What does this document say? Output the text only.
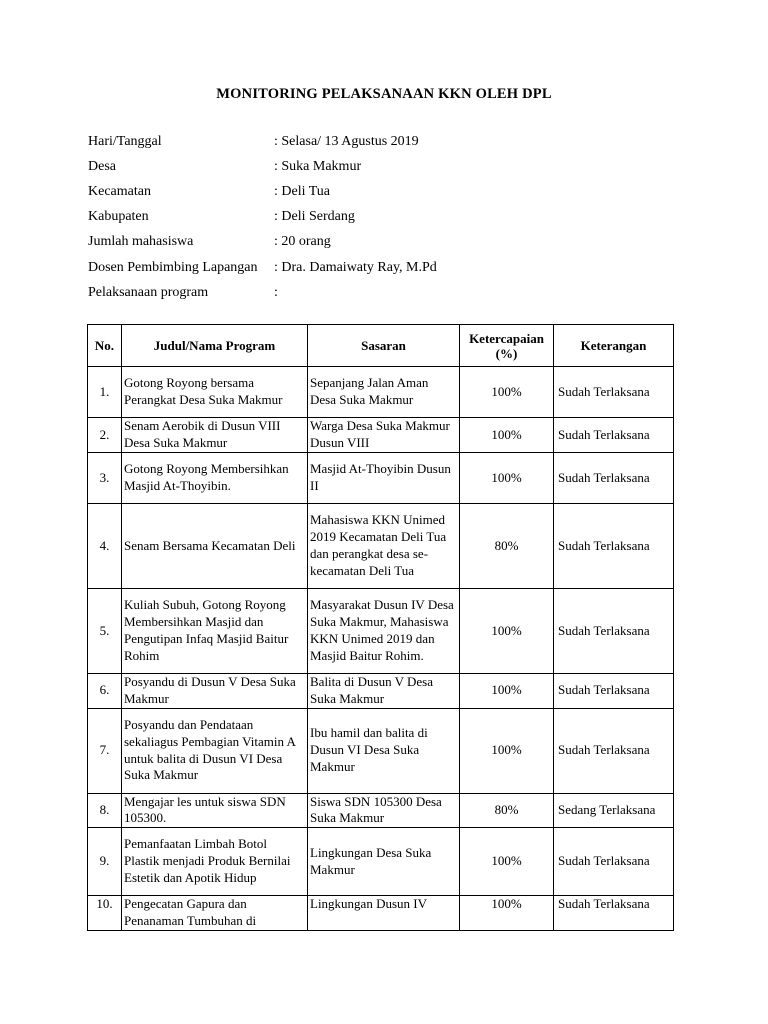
MONITORING PELAKSANAAN KKN OLEH DPL
Hari/Tanggal	: Selasa/ 13 Agustus 2019
Desa	: Suka Makmur
Kecamatan	: Deli Tua
Kabupaten	: Deli Serdang
Jumlah mahasiswa	: 20 orang
Dosen Pembimbing Lapangan : Dra. Damaiwaty Ray, M.Pd
Pelaksanaan program	:
No.	Judul/Nama Program	Sasaran	Ketercapaian (%)	Keterangan
1.	Gotong Royong bersama Perangkat Desa Suka Makmur	Sepanjang Jalan Aman Desa Suka Makmur	100%	Sudah Terlaksana
2.	Senam Aerobik di Dusun VIII Desa Suka Makmur	Warga Desa Suka Makmur Dusun VIII	100%	Sudah Terlaksana
3.	Gotong Royong Membersihkan Masjid At-Thoyibin.	Masjid At-Thoyibin Dusun II	100%	Sudah Terlaksana
4.	Senam Bersama Kecamatan Deli	Mahasiswa KKN Unimed 2019 Kecamatan Deli Tua dan perangkat desa se-kecamatan Deli Tua	80%	Sudah Terlaksana
5.	Kuliah Subuh, Gotong Royong Membersihkan Masjid dan Pengutipan Infaq Masjid Baitur Rohim	Masyarakat Dusun IV Desa Suka Makmur, Mahasiswa KKN Unimed 2019 dan Masjid Baitur Rohim.	100%	Sudah Terlaksana
6.	Posyandu di Dusun V Desa Suka Makmur	Balita di Dusun V Desa Suka Makmur	100%	Sudah Terlaksana
7.	Posyandu dan Pendataan sekaliagus Pembagian Vitamin A untuk balita di Dusun VI Desa Suka Makmur	Ibu hamil dan balita di Dusun VI Desa Suka Makmur	100%	Sudah Terlaksana
8.	Mengajar les untuk siswa SDN 105300.	Siswa SDN 105300 Desa Suka Makmur	80%	Sedang Terlaksana
9.	Pemanfaatan Limbah Botol Plastik menjadi Produk Bernilai Estetik dan Apotik Hidup	Lingkungan Desa Suka Makmur	100%	Sudah Terlaksana
10.	Pengecatan Gapura dan Penanaman Tumbuhan di	Lingkungan Dusun IV	100%	Sudah Terlaksana
